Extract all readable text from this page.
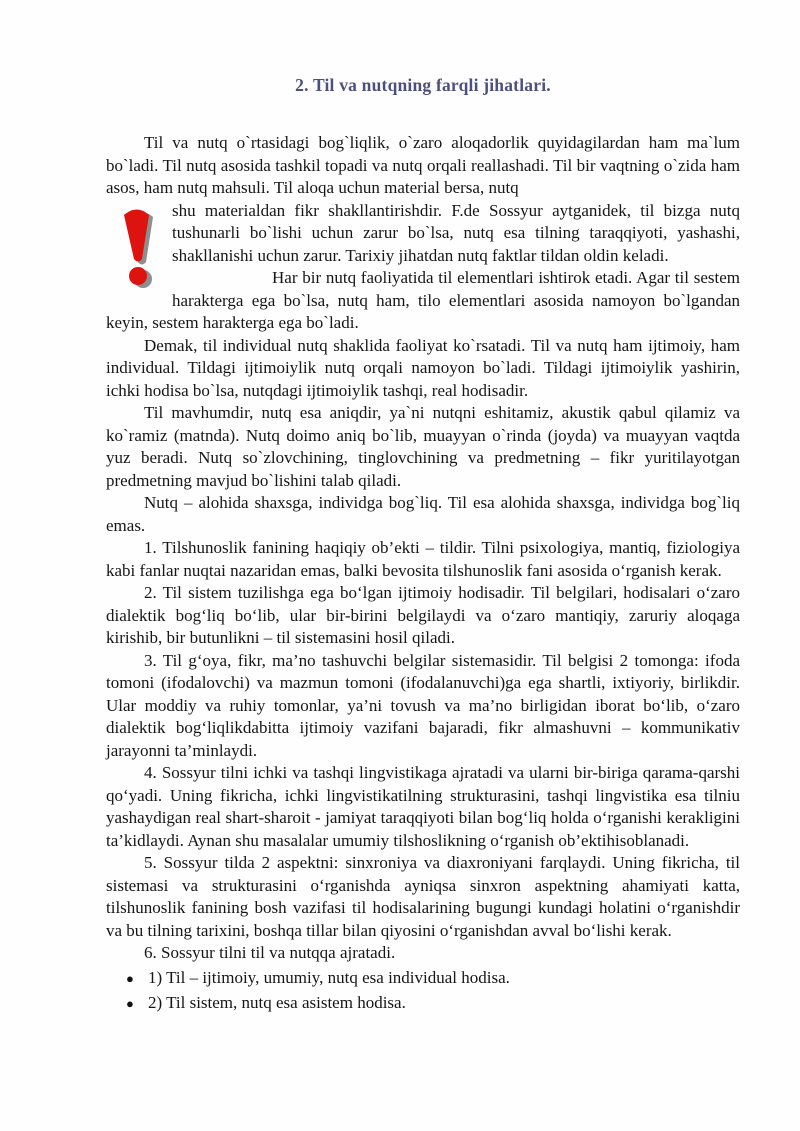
2. Til va nutqning farqli jihatlari.

Til va nutq o`rtasidagi bog`liqlik, o`zaro aloqadorlik quyidagilardan ham ma`lum bo`ladi. Til nutq asosida tashkil topadi va nutq orqali reallashadi. Til bir vaqtning o`zida ham asos, ham nutq mahsuli. Til aloqa uchun material bersa, nutq

shu materialdan fikr shakllantirishdir. F.de Sossyur aytganidek, til bizga nutq tushunarli bo`lishi uchun zarur bo`lsa, nutq esa tilning taraqqiyoti, yashashi, shakllanishi uchun zarur. Tarixiy jihatdan nutq faktlar tildan oldin keladi.

Har bir nutq faoliyatida til elementlari ishtirok etadi. Agar til sestem harakterga ega bo`lsa, nutq ham, tilo elementlari asosida namoyon bo`lgandan keyin, sestem harakterga ega bo`ladi.

Demak, til individual nutq shaklida faoliyat ko`rsatadi. Til va nutq ham ijtimoiy, ham individual. Tildagi ijtimoiylik nutq orqali namoyon bo`ladi. Tildagi ijtimoiylik yashirin, ichki hodisa bo`lsa, nutqdagi ijtimoiylik tashqi, real hodisadir.

Til mavhumdir, nutq esa aniqdir, ya`ni nutqni eshitamiz, akustik qabul qilamiz va ko`ramiz (matnda). Nutq doimo aniq bo`lib, muayyan o`rinda (joyda) va muayyan vaqtda yuz beradi. Nutq so`zlovchining, tinglovchining va predmetning – fikr yuritilayotgan predmetning mavjud bo`lishini talab qiladi.

Nutq – alohida shaxsga, individga bog`liq. Til esa alohida shaxsga, individga bog`liq emas.

1. Tilshunoslik fanining haqiqiy ob’ekti – tildir. Tilni psixologiya, mantiq, fiziologiya kabi fanlar nuqtai nazaridan emas, balki bevosita tilshunoslik fani asosida o‘rganish kerak.

2. Til sistem tuzilishga ega bo‘lgan ijtimoiy hodisadir. Til belgilari, hodisalari o‘zaro dialektik bog‘liq bo‘lib, ular bir-birini belgilaydi va o‘zaro mantiqiy, zaruriy aloqaga kirishib, bir butunlikni – til sistemasini hosil qiladi.

3. Til g‘oya, fikr, ma’no tashuvchi belgilar sistemasidir. Til belgisi 2 tomonga: ifoda tomoni (ifodalovchi) va mazmun tomoni (ifodalanuvchi)ga ega shartli, ixtiyoriy, birlikdir. Ular moddiy va ruhiy tomonlar, ya’ni tovush va ma’no birligidan iborat bo‘lib, o‘zaro dialektik bog‘liqlikdabitta ijtimoiy vazifani bajaradi, fikr almashuvni – kommunikativ jarayonni ta’minlaydi.

4. Sossyur tilni ichki va tashqi lingvistikaga ajratadi va ularni bir-biriga qarama-qarshi qo‘yadi. Uning fikricha, ichki lingvistikatilning strukturasini, tashqi lingvistika esa tilniu yashaydigan real shart-sharoit - jamiyat taraqqiyoti bilan bog‘liq holda o‘rganishi kerakligini ta’kidlaydi. Aynan shu masalalar umumiy tilshoslikning o‘rganish ob’ektihisoblanadi.

5. Sossyur tilda 2 aspektni: sinxroniya va diaxroniyani farqlaydi. Uning fikricha, til sistemasi va strukturasini o‘rganishda ayniqsa sinxron aspektning ahamiyati katta, tilshunoslik fanining bosh vazifasi til hodisalarining bugungi kundagi holatini o‘rganishdir va bu tilning tarixini, boshqa tillar bilan qiyosini o‘rganishdan avval bo‘lishi kerak.

6. Sossyur tilni til va nutqqa ajratadi.

● 1) Til – ijtimoiy, umumiy, nutq esa individual hodisa.
● 2) Til sistem, nutq esa asistem hodisa.
